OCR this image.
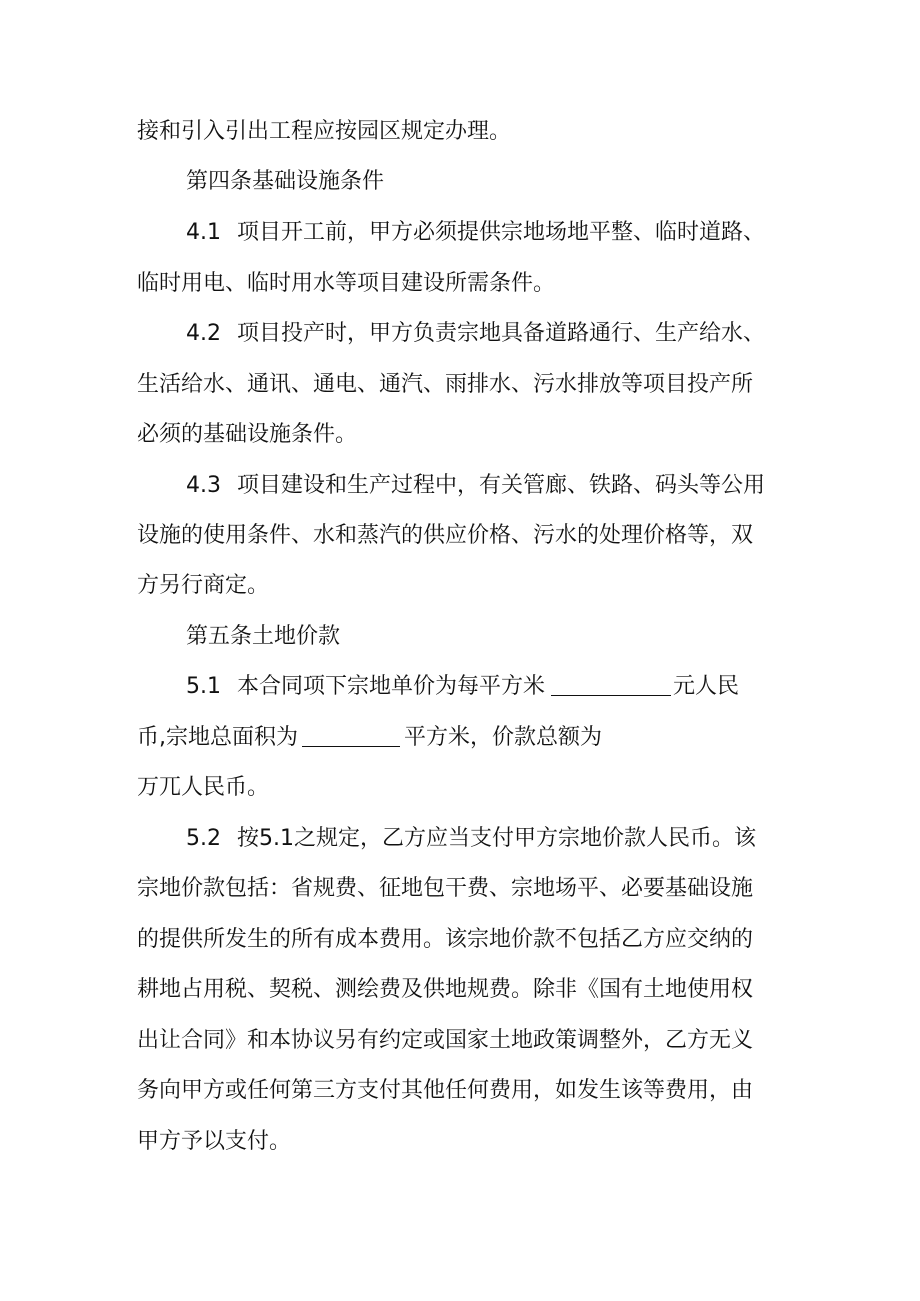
接和引入引出工程应按园区规定办理。
第四条基础设施条件
4.1 项目开工前，甲方必须提供宗地场地平整、临时道路、
临时用电、临时用水等项目建设所需条件。
4.2 项目投产时，甲方负责宗地具备道路通行、生产给水、
生活给水、通讯、通电、通汽、雨排水、污水排放等项目投产所
必须的基础设施条件。
4.3 项目建设和生产过程中，有关管廊、铁路、码头等公用
设施的使用条件、水和蒸汽的供应价格、污水的处理价格等，双
方另行商定。
第五条土地价款
5.1 本合同项下宗地单价为每平方米	元人民
币,宗地总面积为	平方米，价款总额为
万兀人民币。
5.2 按5.1之规定，乙方应当支付甲方宗地价款人民币。该
宗地价款包括：省规费、征地包干费、宗地场平、必要基础设施
的提供所发生的所有成本费用。该宗地价款不包括乙方应交纳的
耕地占用税、契税、测绘费及供地规费。除非《国有土地使用权
出让合同》和本协议另有约定或国家土地政策调整外，乙方无义
务向甲方或任何第三方支付其他任何费用，如发生该等费用，由
甲方予以支付。
